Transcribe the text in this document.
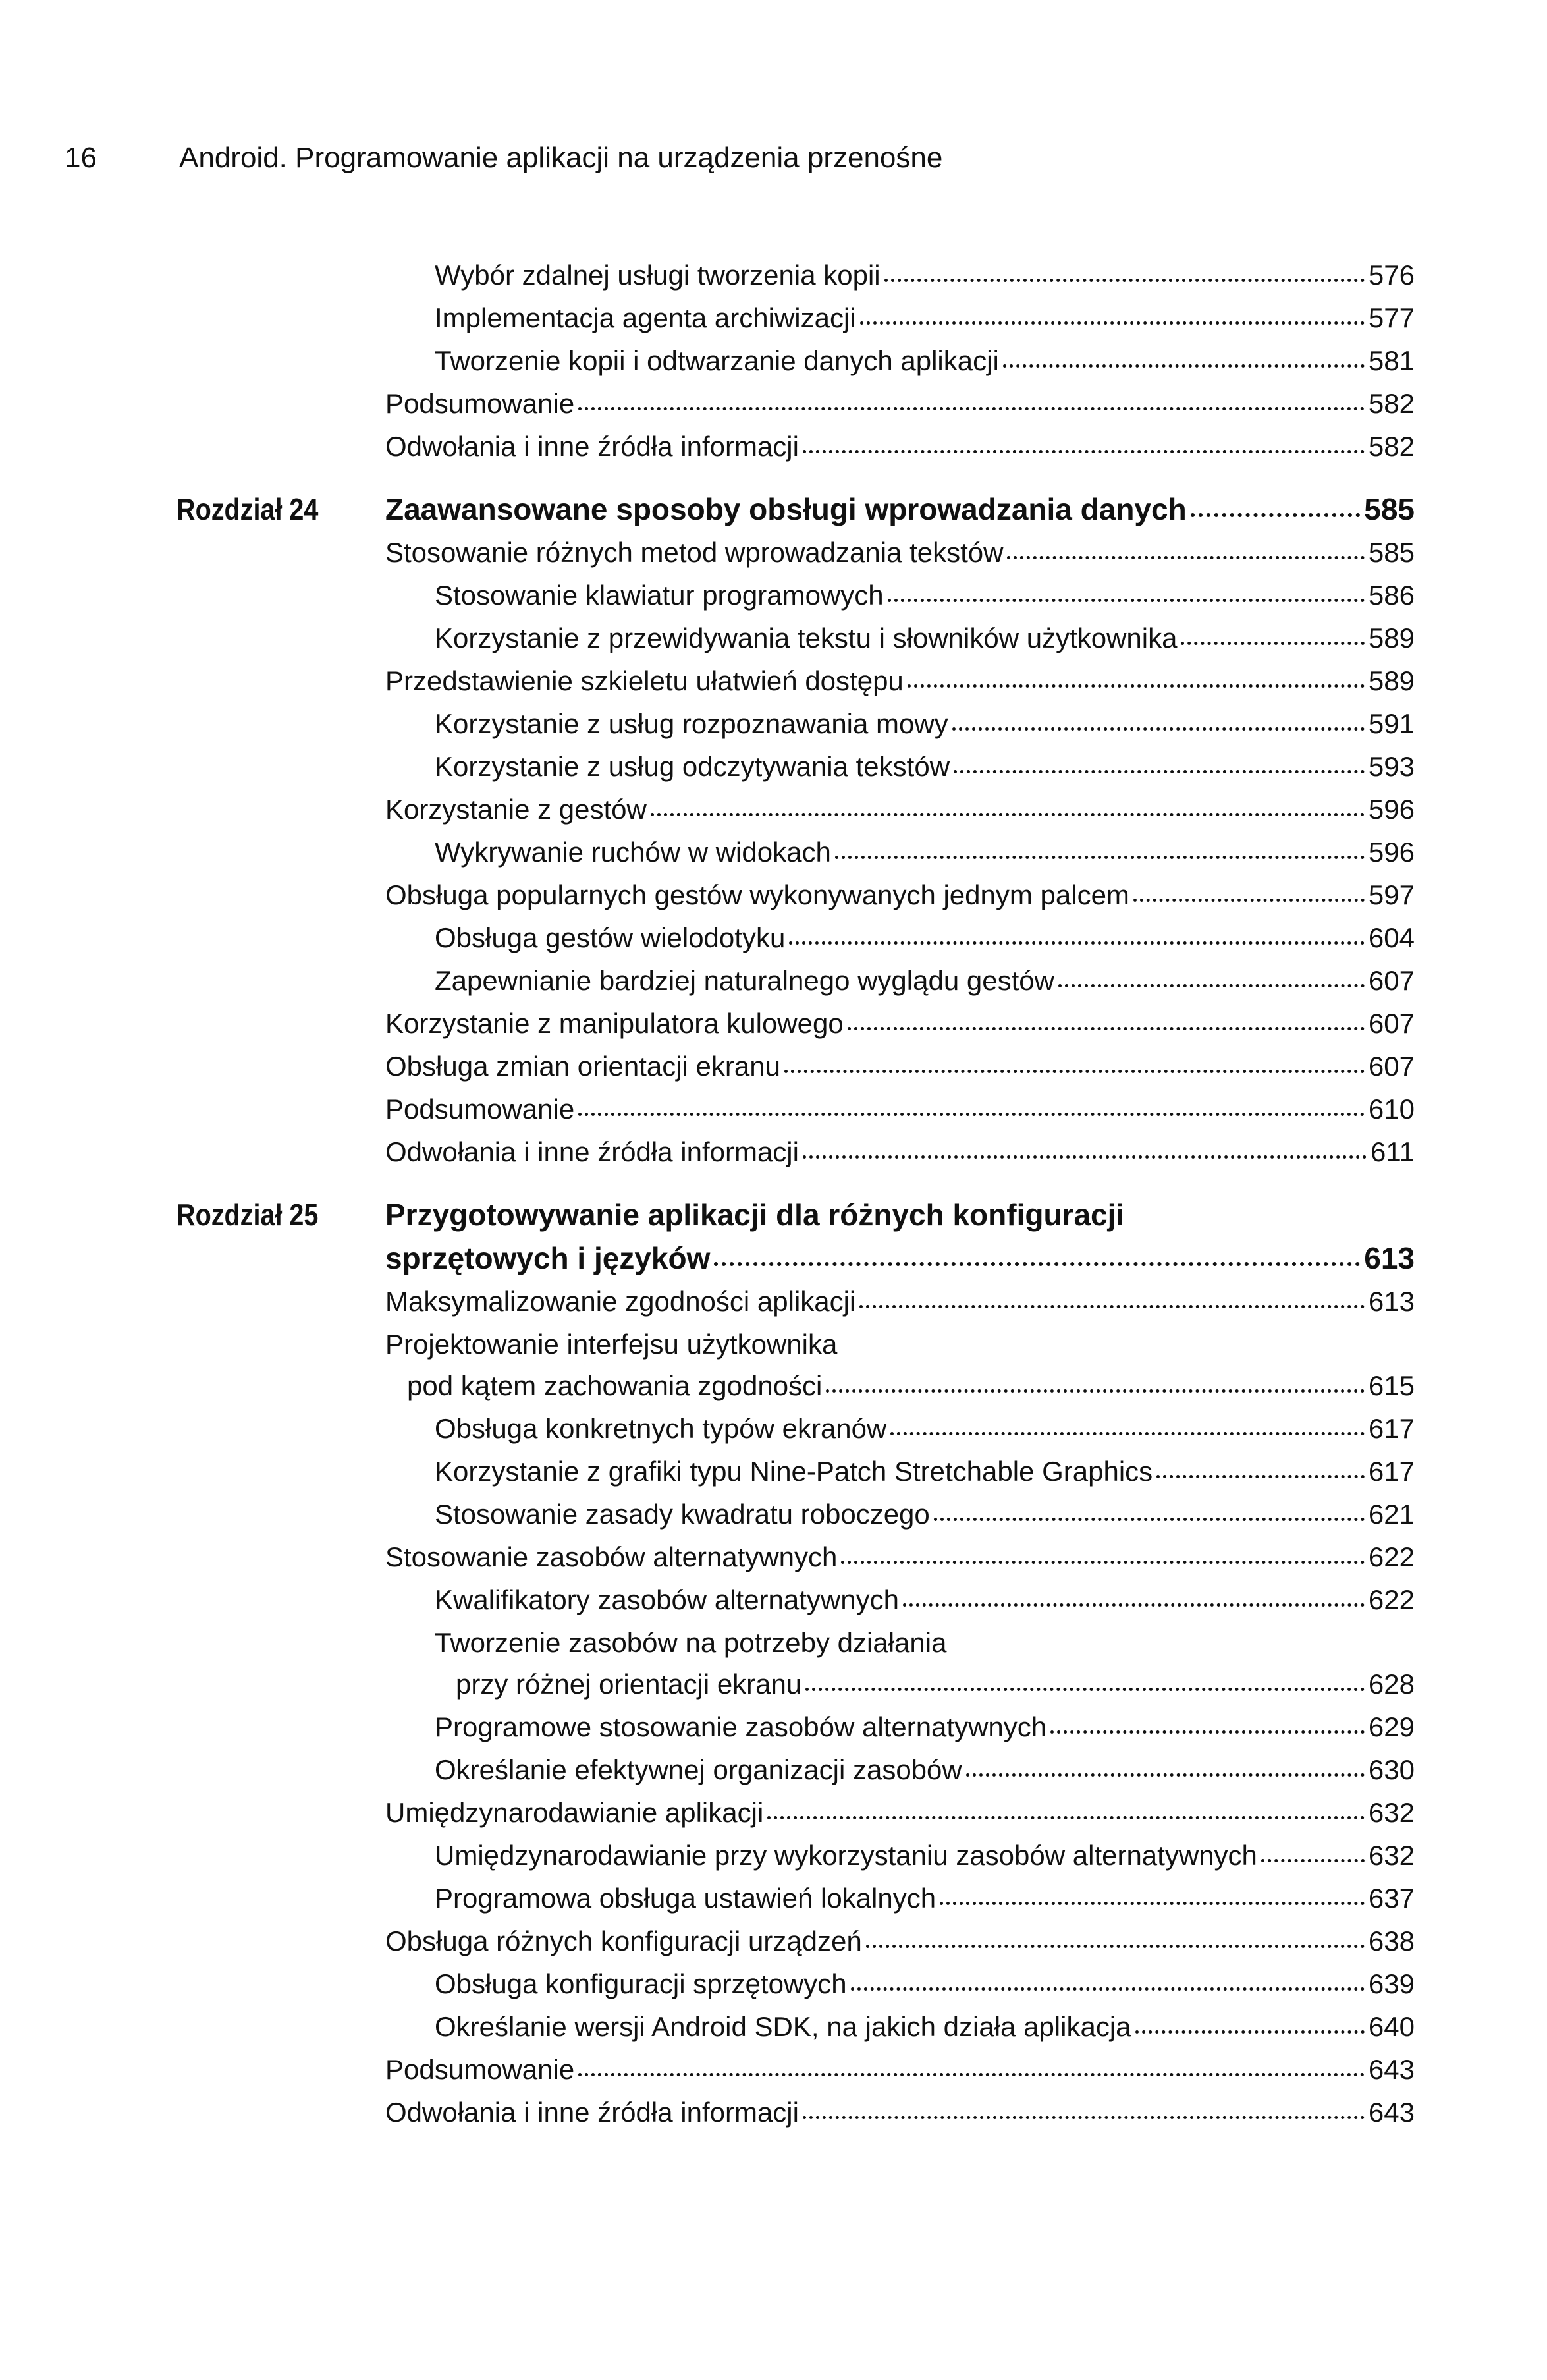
16	Android. Programowanie aplikacji na urządzenia przenośne
Wybór zdalnej usługi tworzenia kopii	576
Implementacja agenta archiwizacji	577
Tworzenie kopii i odtwarzanie danych aplikacji	581
Podsumowanie	582
Odwołania i inne źródła informacji	582
Rozdział 24	Zaawansowane sposoby obsługi wprowadzania danych	585
Stosowanie różnych metod wprowadzania tekstów	585
Stosowanie klawiatur programowych	586
Korzystanie z przewidywania tekstu i słowników użytkownika	589
Przedstawienie szkieletu ułatwień dostępu	589
Korzystanie z usług rozpoznawania mowy	591
Korzystanie z usług odczytywania tekstów	593
Korzystanie z gestów	596
Wykrywanie ruchów w widokach	596
Obsługa popularnych gestów wykonywanych jednym palcem	597
Obsługa gestów wielodotyku	604
Zapewnianie bardziej naturalnego wyglądu gestów	607
Korzystanie z manipulatora kulowego	607
Obsługa zmian orientacji ekranu	607
Podsumowanie	610
Odwołania i inne źródła informacji	611
Rozdział 25	Przygotowywanie aplikacji dla różnych konfiguracji
sprzętowych i języków	613
Maksymalizowanie zgodności aplikacji	613
Projektowanie interfejsu użytkownika
pod kątem zachowania zgodności	615
Obsługa konkretnych typów ekranów	617
Korzystanie z grafiki typu Nine-Patch Stretchable Graphics	617
Stosowanie zasady kwadratu roboczego	621
Stosowanie zasobów alternatywnych	622
Kwalifikatory zasobów alternatywnych	622
Tworzenie zasobów na potrzeby działania
przy różnej orientacji ekranu	628
Programowe stosowanie zasobów alternatywnych	629
Określanie efektywnej organizacji zasobów	630
Umiędzynarodawianie aplikacji	632
Umiędzynarodawianie przy wykorzystaniu zasobów alternatywnych	632
Programowa obsługa ustawień lokalnych	637
Obsługa różnych konfiguracji urządzeń	638
Obsługa konfiguracji sprzętowych	639
Określanie wersji Android SDK, na jakich działa aplikacja	640
Podsumowanie	643
Odwołania i inne źródła informacji	643
